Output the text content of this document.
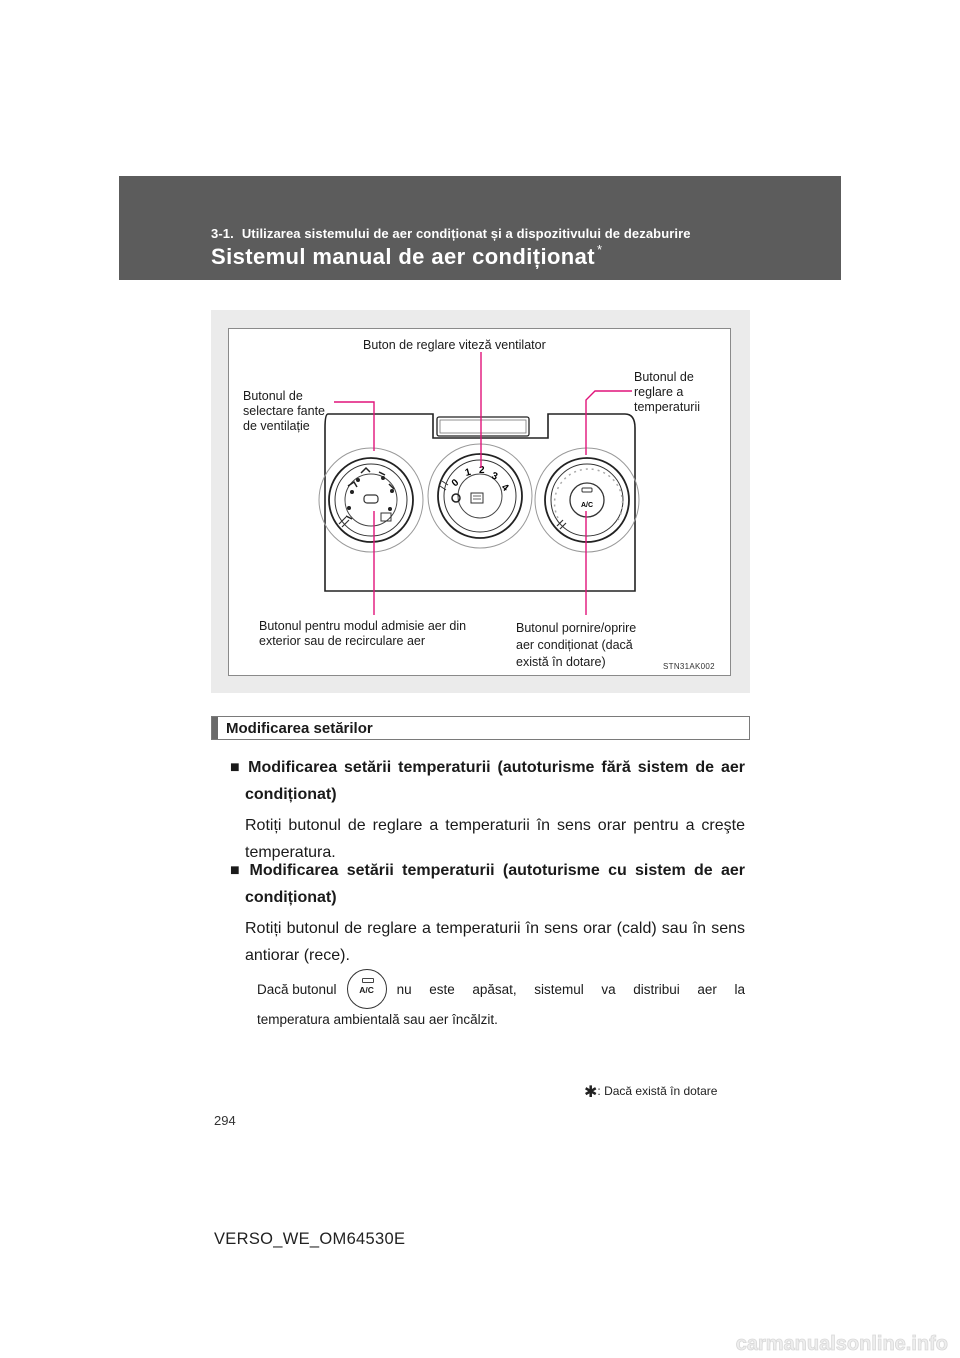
3-1. Utilizarea sistemului de aer condiționat și a dispozitivului de dezaburire
Sistemul manual de aer condiționat *
0
1 2 3
4
A/C
Buton de reglare viteză ventilator
Butonul de
selectare fante
de ventilație
Butonul de
reglare a
temperaturii
Butonul pentru modul admisie aer din
exterior sau de recirculare aer
Butonul pornire/oprire
aer condiționat (dacă
există în dotare)	STN31AK002
Modificarea setărilor
■ Modificarea setării temperaturii (autoturisme fără sistem de aer condiționat)
Rotiți butonul de reglare a temperaturii în sens orar pentru a creşte temperatura.
■ Modificarea setării temperaturii (autoturisme cu sistem de aer condiționat)
Rotiți butonul de reglare a temperaturii în sens orar (cald) sau în sens antiorar (rece).
Dacă butonul	A/C	nu este apăsat, sistemul va distribui aer la
temperatura ambientală sau aer încălzit.
✱: Dacă există în dotare
294
VERSO_WE_OM64530E
carmanualsonline.info
